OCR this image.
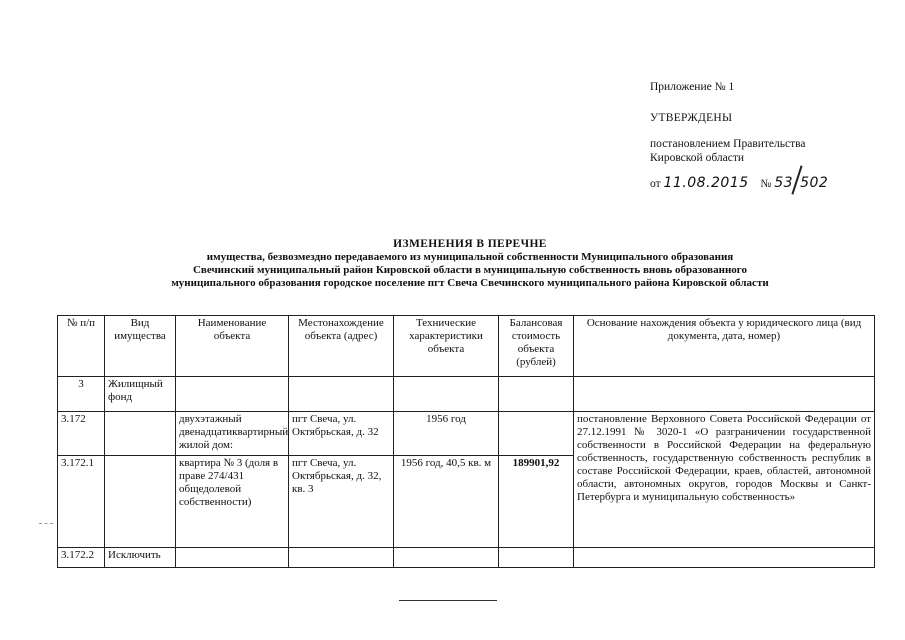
Приложение № 1

УТВЕРЖДЕНЫ

постановлением Правительства

Кировской области

от 11.08.2015 № 53 502

ИЗМЕНЕНИЯ В ПЕРЕЧНЕ
имущества, безвозмездно передаваемого из муниципальной собственности Муниципального образования
Свечинский муниципальный район Кировской области в муниципальную собственность вновь образованного
муниципального образования городское поселение пгт Свеча Свечинского муниципального района Кировской области
№ п/п	Вид имущества	Наименование объекта	Местонахождение объекта (адрес)	Технические характеристики объекта	Балансовая стоимость объекта (рублей)	Основание нахождения объекта у юридического лица (вид документа, дата, номер)
3	Жилищный фонд					
3.172		двухэтажный двенадцатиквартирный жилой дом:	пгт Свеча, ул. Октябрьская, д. 32	1956 год		постановление Верховного Совета Российской Федерации от 27.12.1991 № 3020-1 «О разграничении государственной собственности в Российской Федерации на федеральную собственность, государственную собственность республик в составе Российской Федерации, краев, областей, автономной области, автономных округов, городов Москвы и Санкт-Петербурга и муниципальную собственность»
3.172.1		квартира № 3 (доля в праве 274/431 общедолевой собственности)	пгт Свеча, ул. Октябрьская, д. 32, кв. 3	1956 год, 40,5 кв. м	189901,92	
3.172.2	Исключить					
